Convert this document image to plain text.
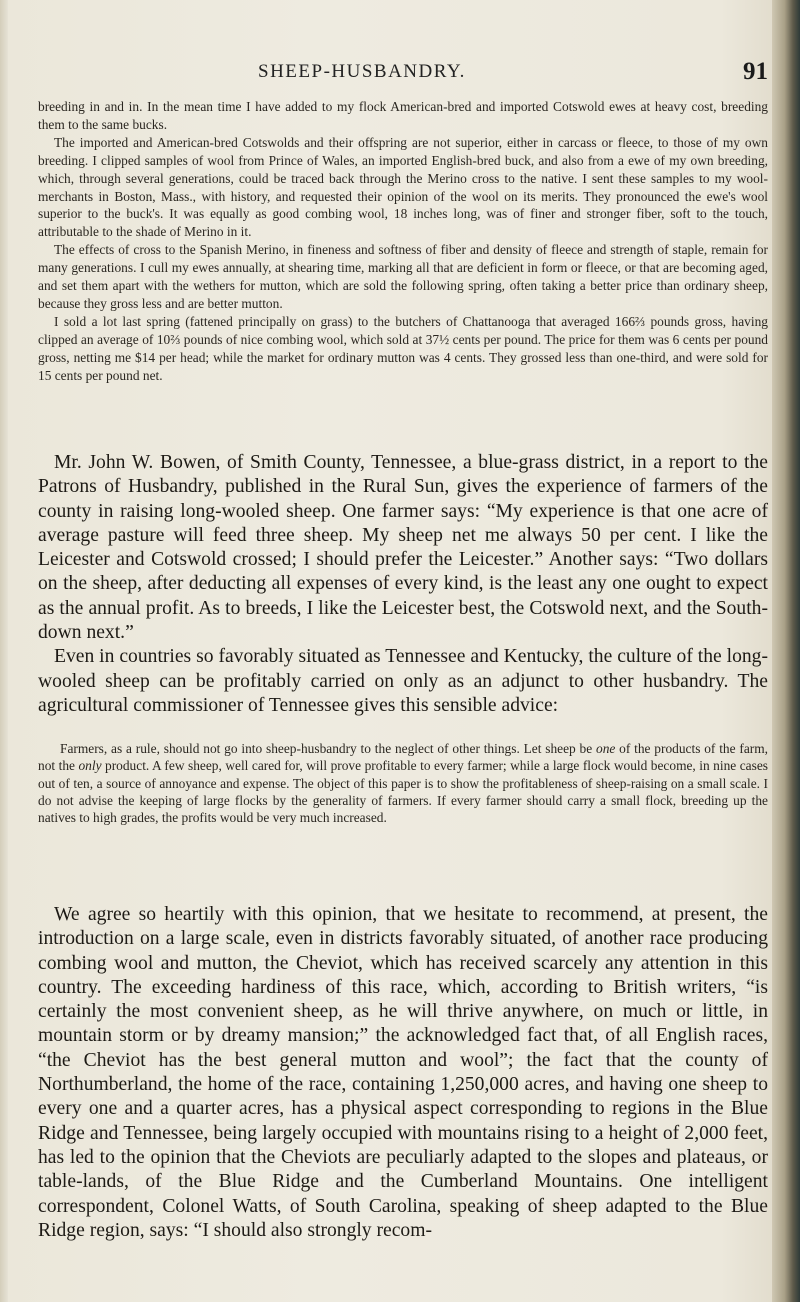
SHEEP-HUSBANDRY.	91

breeding in and in. In the mean time I have added to my flock American-bred and imported Cotswold ewes at heavy cost, breeding them to the same bucks.

The imported and American-bred Cotswolds and their offspring are not superior, either in carcass or fleece, to those of my own breeding. I clipped samples of wool from Prince of Wales, an imported English-bred buck, and also from a ewe of my own breeding, which, through several generations, could be traced back through the Merino cross to the native. I sent these samples to my wool-merchants in Boston, Mass., with history, and requested their opinion of the wool on its merits. They pronounced the ewe's wool superior to the buck's. It was equally as good combing wool, 18 inches long, was of finer and stronger fiber, soft to the touch, attributable to the shade of Merino in it.

The effects of cross to the Spanish Merino, in fineness and softness of fiber and density of fleece and strength of staple, remain for many generations. I cull my ewes annually, at shearing time, marking all that are deficient in form or fleece, or that are becoming aged, and set them apart with the wethers for mutton, which are sold the following spring, often taking a better price than ordinary sheep, because they gross less and are better mutton.

I sold a lot last spring (fattened principally on grass) to the butchers of Chattanooga that averaged 166⅔ pounds gross, having clipped an average of 10⅔ pounds of nice combing wool, which sold at 37½ cents per pound. The price for them was 6 cents per pound gross, netting me $14 per head; while the market for ordinary mutton was 4 cents. They grossed less than one-third, and were sold for 15 cents per pound net.

Mr. John W. Bowen, of Smith County, Tennessee, a blue-grass district, in a report to the Patrons of Husbandry, published in the Rural Sun, gives the experience of farmers of the county in raising long-wooled sheep. One farmer says: “My experience is that one acre of average pasture will feed three sheep. My sheep net me always 50 per cent. I like the Leicester and Cotswold crossed; I should prefer the Leicester.” Another says: “Two dollars on the sheep, after deducting all expenses of every kind, is the least any one ought to expect as the annual profit. As to breeds, I like the Leicester best, the Cotswold next, and the South-down next.”

Even in countries so favorably situated as Tennessee and Kentucky, the culture of the long-wooled sheep can be profitably carried on only as an adjunct to other husbandry. The agricultural commissioner of Tennessee gives this sensible advice:

Farmers, as a rule, should not go into sheep-husbandry to the neglect of other things. Let sheep be one of the products of the farm, not the only product. A few sheep, well cared for, will prove profitable to every farmer; while a large flock would become, in nine cases out of ten, a source of annoyance and expense. The object of this paper is to show the profitableness of sheep-raising on a small scale. I do not advise the keeping of large flocks by the generality of farmers. If every farmer should carry a small flock, breeding up the natives to high grades, the profits would be very much increased.

We agree so heartily with this opinion, that we hesitate to recommend, at present, the introduction on a large scale, even in districts favorably situated, of another race producing combing wool and mutton, the Cheviot, which has received scarcely any attention in this country. The exceeding hardiness of this race, which, according to British writers, “is certainly the most convenient sheep, as he will thrive anywhere, on much or little, in mountain storm or by dreamy mansion;” the acknowledged fact that, of all English races, “the Cheviot has the best general mutton and wool”; the fact that the county of Northumberland, the home of the race, containing 1,250,000 acres, and having one sheep to every one and a quarter acres, has a physical aspect corresponding to regions in the Blue Ridge and Tennessee, being largely occupied with mountains rising to a height of 2,000 feet, has led to the opinion that the Cheviots are peculiarly adapted to the slopes and plateaus, or table-lands, of the Blue Ridge and the Cumberland Mountains. One intelligent correspondent, Colonel Watts, of South Carolina, speaking of sheep adapted to the Blue Ridge region, says: “I should also strongly recom-
